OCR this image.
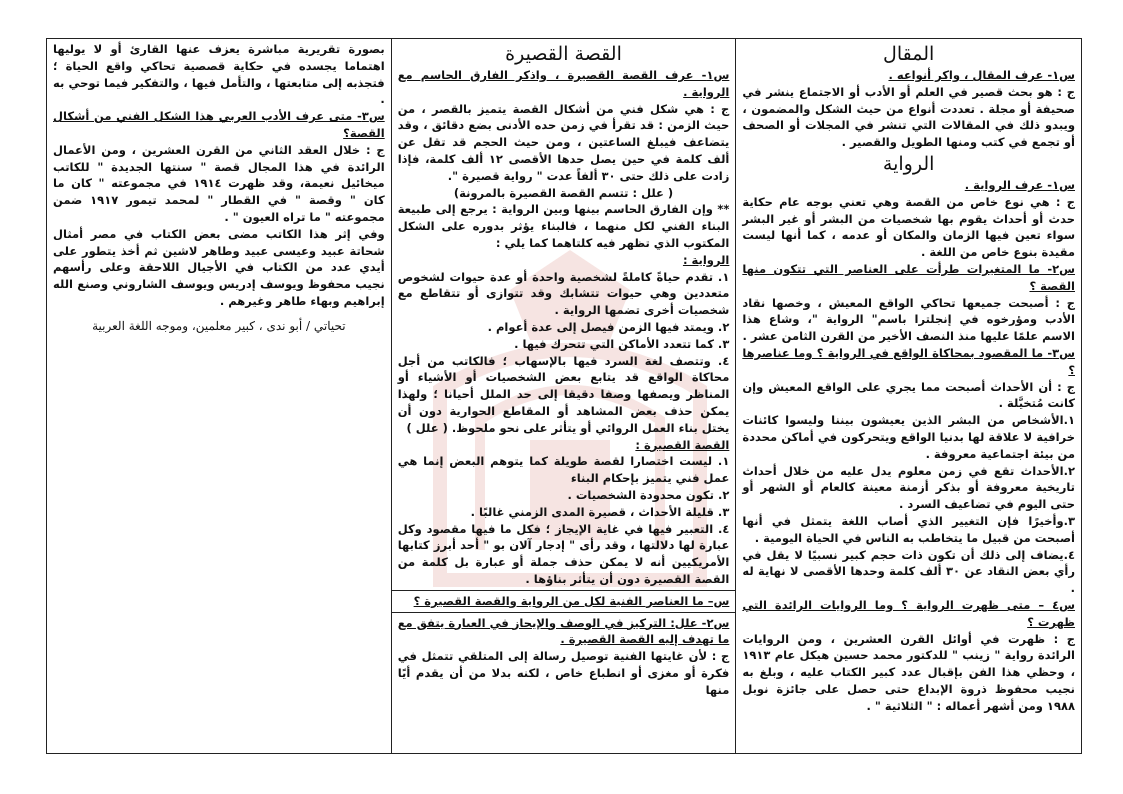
المقال
س١- عرف المقال ، واكر أنواعه .
ج : هو بحث قصير في العلم أو الأدب أو الاجتماع ينشر في صحيفة أو مجلة . تعددت أنواع من حيث الشكل والمضمون ، ويبدو ذلك في المقالات التي تنشر في المجلات أو الصحف أو تجمع في كتب ومنها الطويل والقصير .
الرواية
س١- عرف الرواية .
ج : هي نوع خاص من القصة وهي تعني بوجه عام حكاية حدث أو أحداث يقوم بها شخصيات من البشر أو غير البشر سواء تعين فيها الزمان والمكان أو عدمه ، كما أنها ليست مقيدة بنوع خاص من اللغة .
س٢- ما المتغيرات طرأت على العناصر التي تتكون منها القصة ؟
ج : أصبحت جميعها تحاكي الواقع المعيش ، وخصها نقاد الأدب ومؤرخوه في إنجلترا باسم" الرواية "، وشاع هذا الاسم علمًا عليها منذ النصف الأخير من القرن الثامن عشر .
س٣- ما المقصود بمحاكاة الواقع في الرواية ؟ وما عناصرها ؟
ج : أن الأحداث أصبحت مما يجري على الواقع المعيش وإن كانت مُتخيَّلة .
١.الأشخاص من البشر الذين يعيشون بيننا وليسوا كائنات خرافية لا علاقة لها بدنيا الواقع ويتحركون في أماكن محددة من بيئة اجتماعية معروفة .
٢.الأحداث تقع في زمن معلوم يدل عليه من خلال أحداث تاريخية معروفة أو بذكر أزمنة معينة كالعام أو الشهر أو حتى اليوم في تضاعيف السرد .
٣.وأخيرًا فإن التغيير الذي أصاب اللغة يتمثل في أنها أصبحت من قبيل ما يتخاطب به الناس في الحياة اليومية .
٤.يضاف إلى ذلك أن تكون ذات حجم كبير نسبيًا لا يقل في رأي بعض النقاد عن ٣٠ ألف كلمة وحدها الأقصى لا نهاية له .
س٤ – متى ظهرت الرواية ؟ وما الروايات الرائدة التي ظهرت ؟
ج : ظهرت في أوائل القرن العشرين ، ومن الروايات الرائدة رواية " زينب " للدكتور محمد حسين هيكل عام ١٩١٣ ، وحظي هذا الفن بإقبال عدد كبير الكتاب عليه ، وبلغ به نجيب محفوظ ذروة الإبداع حتى حصل على جائزة نوبل ١٩٨٨ ومن أشهر أعماله : " الثلاثية " .
القصة القصيرة
س١- عرف القصة القصيرة ، واذكر الفارق الحاسم مع الرواية .
ج : هي شكل فني من أشكال القصة يتميز بالقصر ، من حيث الزمن : قد تقرأ في زمن حده الأدنى بضع دقائق ، وقد يتضاعف فيبلغ الساعتين ، ومن حيث الحجم قد تقل عن ألف كلمة في حين يصل حدها الأقصى ١٢ ألف كلمة، فإذا زادت على ذلك حتى ٣٠ ألفاً عدت " رواية قصيرة ".
( علل : تتسم القصة القصيرة بالمرونة)
** وإن الفارق الحاسم بينها وبين الرواية : يرجع إلى طبيعة البناء الفني لكل منهما ، فالبناء يؤثر بدوره على الشكل المكتوب الذي تظهر فيه كلتاهما كما يلي :
الرواية :
١. تقدم حياةً كاملةً لشخصية واحدة أو عدة حيوات لشخوص متعددين وهي حيوات تتشابك وقد تتوازى أو تتقاطع مع شخصيات أخرى تضمها الرواية .
٢. ويمتد فيها الزمن فيصل إلى عدة أعوام .
٣. كما تتعدد الأماكن التي تتحرك فيها .
٤. وتتصف لغة السرد فيها بالإسهاب ؛ فالكاتب من أجل محاكاة الواقع قد يتابع بعض الشخصيات أو الأشياء أو المناظر ويصفها وصفا دقيقا إلى حد الملل أحيانا ؛ ولهذا يمكن حذف بعض المشاهد أو المقاطع الحوارية دون أن يختل بناء العمل الروائي أو يتأثر على نحو ملحوظ. ( علل )
القصة القصيرة :
١. ليست اختصارا لقصة طويلة كما يتوهم البعض إنما هي عمل فني يتميز بإحكام البناء
٢. تكون محدودة الشخصيات .
٣. قليلة الأحداث ، قصيرة المدى الزمني غالبًا .
٤. التعبير فيها في غاية الإيجاز ؛ فكل ما فيها مقصود وكل عبارة لها دلالتها ، وقد رأى " إدجار آلان بو " أحد أبرز كتابها الأمريكيين أنه لا يمكن حذف جملة أو عبارة بل كلمة من القصة القصيرة دون أن يتأثر بناؤها .
س– ما العناصر الفنية لكل من الرواية والقصة القصيرة ؟
س٢- علل: التركيز في الوصف والإيجاز في العبارة يتفق مع ما تهدف إليه القصة القصيرة .
ج : لأن غايتها الفنية توصيل رسالة إلى المتلقي تتمثل في فكرة أو مغزى أو انطباع خاص ، لكنه بدلا من أن يقدم أيًا منها
بصورة تقريرية مباشرة يعزف عنها القارئ أو لا يوليها اهتماما يجسده في حكاية قصصية تحاكي واقع الحياة ؛ فتجذبه إلى متابعتها ، والتأمل فيها ، والتفكير فيما توحي به .
س٣- متى عرف الأدب العربي هذا الشكل الفني من أشكال القصة؟
ج : خلال العقد الثاني من القرن العشرين ، ومن الأعمال الرائدة في هذا المجال قصة " سنتها الجديدة " للكاتب ميخائيل نعيمة، وقد ظهرت ١٩١٤ في مجموعته " كان ما كان " وقصة " في القطار " لمحمد تيمور ١٩١٧ ضمن مجموعته " ما تراه العيون " .
وفي إثر هذا الكاتب مضى بعض الكتاب في مصر أمثال شحاتة عبيد وعيسى عبيد وطاهر لاشين ثم أخذ يتطور على أيدي عدد من الكتاب في الأجيال اللاحقة وعلى رأسهم نجيب محفوظ ويوسف إدريس ويوسف الشاروني وصنع الله إبراهيم وبهاء طاهر وغيرهم .
تحياتي / أبو ندى ، كبير معلمين، وموجه اللغة العربية
